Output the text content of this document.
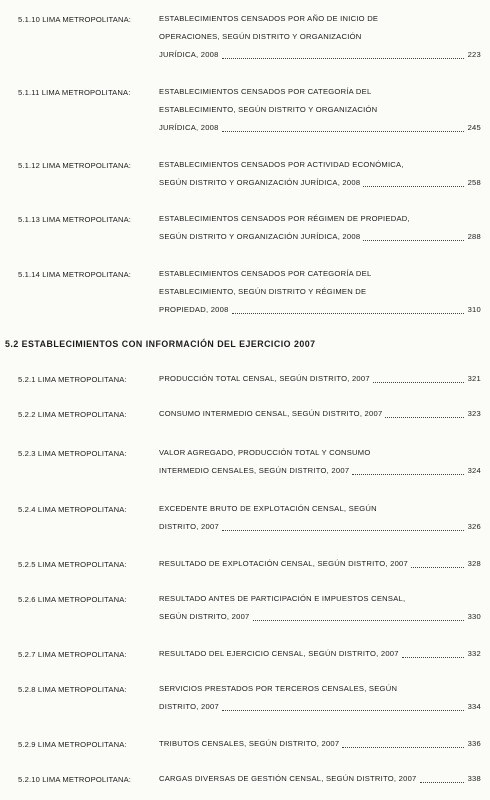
5.2 ESTABLECIMIENTOS CON INFORMACIÓN DEL EJERCICIO 2007
5.1.10 LIMA METROPOLITANA:	ESTABLECIMIENTOS CENSADOS POR AÑO DE INICIO DE
OPERACIONES, SEGÚN DISTRITO Y ORGANIZACIÓN
JURÍDICA, 2008	223
5.1.11 LIMA METROPOLITANA:	ESTABLECIMIENTOS CENSADOS POR CATEGORÍA DEL
ESTABLECIMIENTO, SEGÚN DISTRITO Y ORGANIZACIÓN
JURÍDICA, 2008	245
5.1.12 LIMA METROPOLITANA:	ESTABLECIMIENTOS CENSADOS POR ACTIVIDAD ECONÓMICA,
SEGÚN DISTRITO Y ORGANIZACIÓN JURÍDICA, 2008	258
5.1.13 LIMA METROPOLITANA:	ESTABLECIMIENTOS CENSADOS POR RÉGIMEN DE PROPIEDAD,
SEGÚN DISTRITO Y ORGANIZACIÓN JURÍDICA, 2008	288
5.1.14 LIMA METROPOLITANA:	ESTABLECIMIENTOS CENSADOS POR CATEGORÍA DEL
ESTABLECIMIENTO, SEGÚN DISTRITO Y RÉGIMEN DE
PROPIEDAD, 2008	310
5.2.1 LIMA METROPOLITANA:	PRODUCCIÓN TOTAL CENSAL, SEGÚN DISTRITO, 2007	321
5.2.2 LIMA METROPOLITANA:	CONSUMO INTERMEDIO CENSAL, SEGÚN DISTRITO, 2007	323
5.2.3 LIMA METROPOLITANA:	VALOR AGREGADO, PRODUCCIÓN TOTAL Y CONSUMO
INTERMEDIO CENSALES, SEGÚN DISTRITO, 2007	324
5.2.4 LIMA METROPOLITANA:	EXCEDENTE BRUTO DE EXPLOTACIÓN CENSAL, SEGÚN
DISTRITO, 2007	326
5.2.5 LIMA METROPOLITANA:	RESULTADO DE EXPLOTACIÓN CENSAL, SEGÚN DISTRITO, 2007	328
5.2.6 LIMA METROPOLITANA:	RESULTADO ANTES DE PARTICIPACIÓN E IMPUESTOS CENSAL,
SEGÚN DISTRITO, 2007	330
5.2.7 LIMA METROPOLITANA:	RESULTADO DEL EJERCICIO CENSAL, SEGÚN DISTRITO, 2007	332
5.2.8 LIMA METROPOLITANA:	SERVICIOS PRESTADOS POR TERCEROS CENSALES, SEGÚN
DISTRITO, 2007	334
5.2.9 LIMA METROPOLITANA:	TRIBUTOS CENSALES, SEGÚN DISTRITO, 2007	336
5.2.10 LIMA METROPOLITANA:	CARGAS DIVERSAS DE GESTIÓN CENSAL, SEGÚN DISTRITO, 2007	338
